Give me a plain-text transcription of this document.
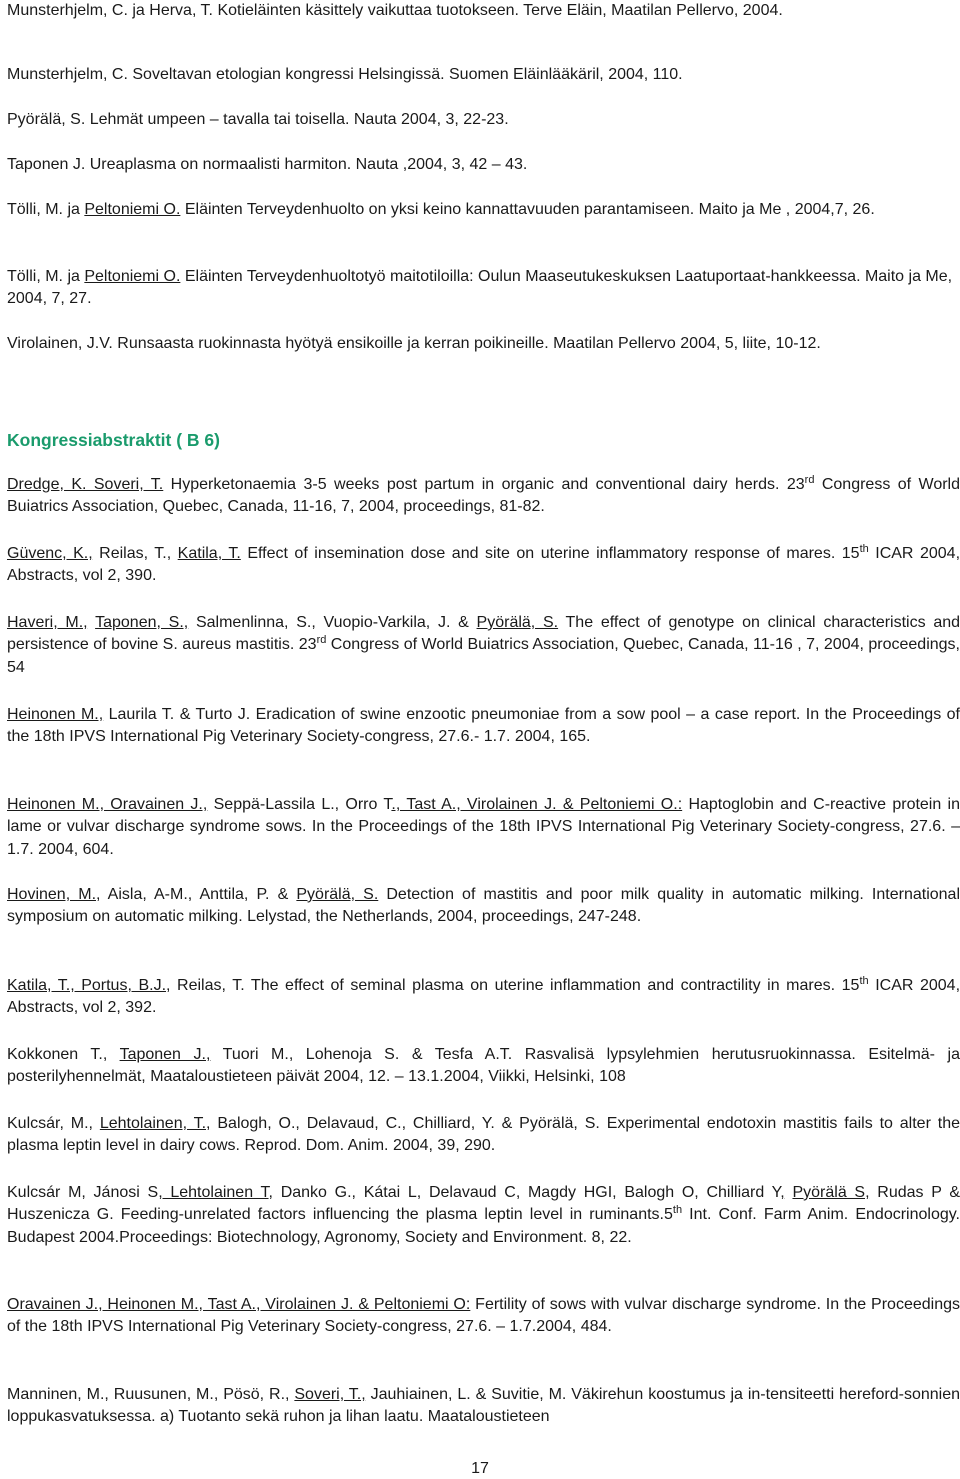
Munsterhjelm, C. ja Herva, T. Kotieläinten käsittely vaikuttaa tuotokseen. Terve Eläin, Maatilan Pellervo, 2004.

Munsterhjelm, C. Soveltavan etologian kongressi Helsingissä. Suomen Eläinlääkäril, 2004, 110.

Pyörälä, S. Lehmät umpeen – tavalla tai toisella. Nauta 2004, 3, 22-23.

Taponen J. Ureaplasma on normaalisti harmiton. Nauta ,2004, 3, 42 – 43.

Tölli, M. ja Peltoniemi O. Eläinten Terveydenhuolto on yksi keino kannattavuuden parantamiseen. Maito ja Me , 2004,7, 26.

Tölli, M. ja Peltoniemi O. Eläinten Terveydenhuoltotyö maitotiloilla: Oulun Maaseutukeskuksen Laatuportaat-hankkeessa. Maito ja Me, 2004, 7, 27.

Virolainen, J.V. Runsaasta ruokinnasta hyötyä ensikoille ja kerran poikineille. Maatilan Pellervo 2004, 5, liite, 10-12.

Dredge, K. Soveri, T. Hyperketonaemia 3-5 weeks post partum in organic and conventional dairy herds. 23rd Congress of World Buiatrics Association, Quebec, Canada, 11-16, 7, 2004, proceedings, 81-82.

Güvenc, K., Reilas, T., Katila, T. Effect of insemination dose and site on uterine inflammatory response of mares. 15th ICAR 2004, Abstracts, vol 2, 390.

Haveri, M., Taponen, S., Salmenlinna, S., Vuopio-Varkila, J. & Pyörälä, S. The effect of genotype on clinical characteristics and persistence of bovine S. aureus mastitis. 23rd Congress of World Buiatrics Association, Quebec, Canada, 11-16 , 7, 2004, proceedings, 54

Heinonen M., Laurila T. & Turto J. Eradication of swine enzootic pneumoniae from a sow pool – a case report. In the Proceedings of the 18th IPVS International Pig Veterinary Society-congress, 27.6.- 1.7. 2004, 165.

Heinonen M., Oravainen J., Seppä-Lassila L., Orro T., Tast A., Virolainen J. & Peltoniemi O.: Haptoglobin and C-reactive protein in lame or vulvar discharge syndrome sows. In the Proceedings of the 18th IPVS International Pig Veterinary Society-congress, 27.6. – 1.7. 2004, 604.

Hovinen, M., Aisla, A-M., Anttila, P. & Pyörälä, S. Detection of mastitis and poor milk quality in automatic milking. International symposium on automatic milking. Lelystad, the Netherlands, 2004, proceedings, 247-248.

Katila, T., Portus, B.J., Reilas, T. The effect of seminal plasma on uterine inflammation and contractility in mares. 15th ICAR 2004, Abstracts, vol 2, 392.

Kokkonen T., Taponen J., Tuori M., Lohenoja S. & Tesfa A.T. Rasvalisä lypsylehmien herutusruokinnassa. Esitelmä- ja posterilyhennelmät, Maataloustieteen päivät 2004, 12. – 13.1.2004, Viikki, Helsinki, 108

Kulcsár, M., Lehtolainen, T., Balogh, O., Delavaud, C., Chilliard, Y. & Pyörälä, S. Experimental endotoxin mastitis fails to alter the plasma leptin level in dairy cows. Reprod. Dom. Anim. 2004, 39, 290.

Kulcsár M, Jánosi S, Lehtolainen T, Danko G., Kátai L, Delavaud C, Magdy HGI, Balogh O, Chilliard Y, Pyörälä S, Rudas P & Huszenicza G. Feeding-unrelated factors influencing the plasma leptin level in ruminants.5th Int. Conf. Farm Anim. Endocrinology. Budapest 2004.Proceedings: Biotechnology, Agronomy, Society and Environment. 8, 22.

Oravainen J., Heinonen M., Tast A., Virolainen J. & Peltoniemi O: Fertility of sows with vulvar discharge syndrome. In the Proceedings of the 18th IPVS International Pig Veterinary Society-congress, 27.6. – 1.7.2004, 484.

Manninen, M., Ruusunen, M., Pösö, R., Soveri, T., Jauhiainen, L. & Suvitie, M. Väkirehun koostumus ja in-tensiteetti hereford-sonnien loppukasvatuksessa. a) Tuotanto sekä ruhon ja lihan laatu. Maataloustieteen

Kongressiabstraktit ( B 6)
17
